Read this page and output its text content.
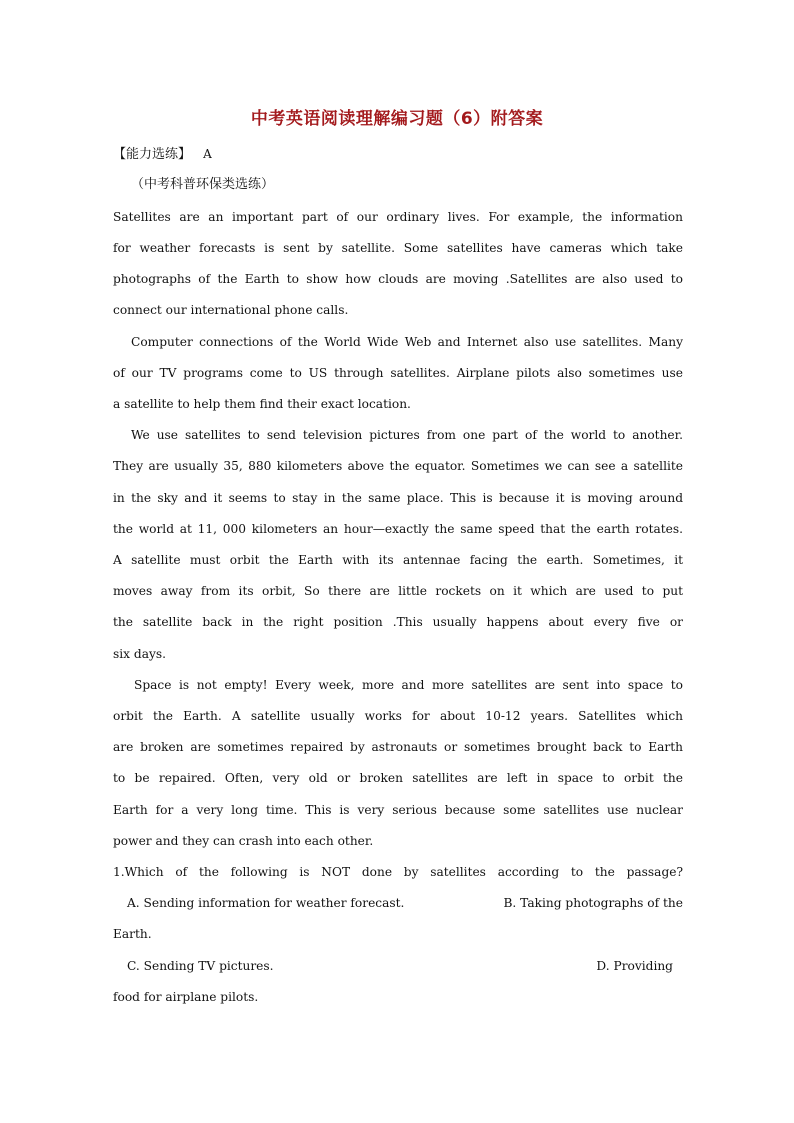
中考英语阅读理解编习题（6）附答案
【能力选练】 A
（中考科普环保类选练）
Satellites are an important part of our ordinary lives. For example, the information
for weather forecasts is sent by satellite. Some satellites have cameras which take
photographs of the Earth to show how clouds are moving .Satellites are also used to
connect our international phone calls.
Computer connections of the World Wide Web and Internet also use satellites. Many
of our TV programs come to US through satellites. Airplane pilots also sometimes use
a satellite to help them find their exact location.
We use satellites to send television pictures from one part of the world to another.
They are usually 35, 880 kilometers above the equator. Sometimes we can see a satellite
in the sky and it seems to stay in the same place. This is because it is moving around
the world at 11, 000 kilometers an hour—exactly the same speed that the earth rotates.
A satellite must orbit the Earth with its antennae facing the earth. Sometimes, it
moves away from its orbit, So there are little rockets on it which are used to put
the satellite back in the right position .This usually happens about every five or
six days.
Space is not empty! Every week, more and more satellites are sent into space to
orbit the Earth. A satellite usually works for about 10-12 years. Satellites which
are broken are sometimes repaired by astronauts or sometimes brought back to Earth
to be repaired. Often, very old or broken satellites are left in space to orbit the
Earth for a very long time. This is very serious because some satellites use nuclear
power and they can crash into each other.
1.Which of the following is NOT done by satellites according to the passage?
A. Sending information for weather forecast.	B. Taking photographs of the
Earth.
C. Sending TV pictures.	D. Providing
food for airplane pilots.
